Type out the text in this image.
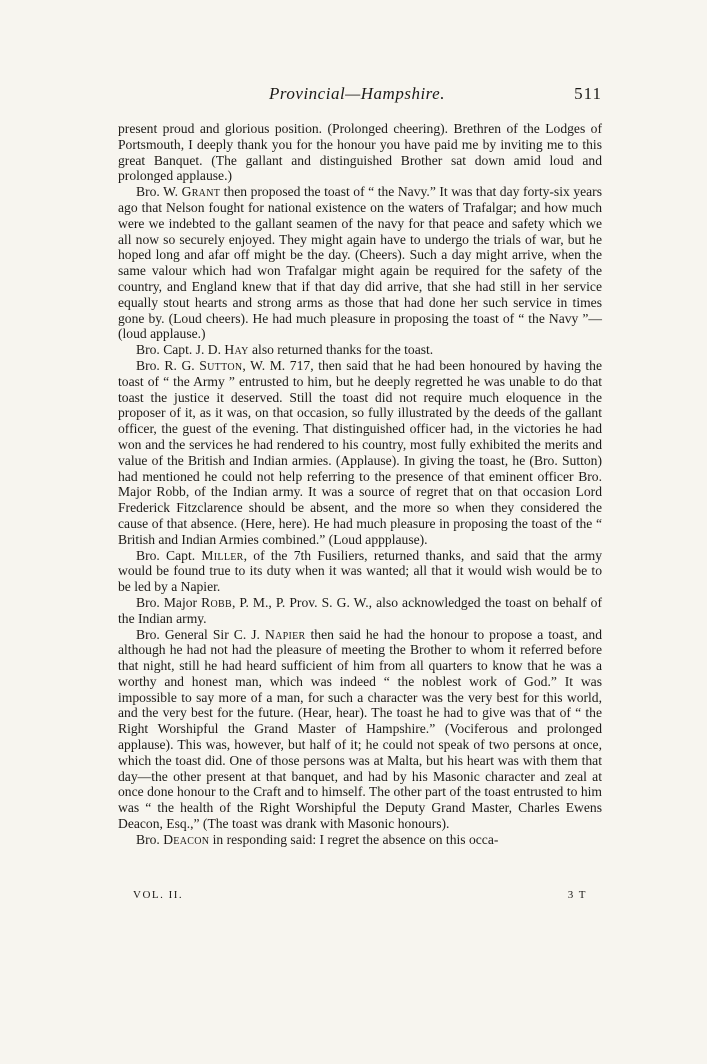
Provincial—Hampshire.	511

present proud and glorious position. (Prolonged cheering). Brethren of the Lodges of Portsmouth, I deeply thank you for the honour you have paid me by inviting me to this great Banquet. (The gallant and distinguished Brother sat down amid loud and prolonged applause.)

Bro. W. Grant then proposed the toast of “ the Navy.” It was that day forty-six years ago that Nelson fought for national existence on the waters of Trafalgar; and how much were we indebted to the gallant seamen of the navy for that peace and safety which we all now so securely enjoyed. They might again have to undergo the trials of war, but he hoped long and afar off might be the day. (Cheers). Such a day might arrive, when the same valour which had won Trafalgar might again be required for the safety of the country, and England knew that if that day did arrive, that she had still in her service equally stout hearts and strong arms as those that had done her such service in times gone by. (Loud cheers). He had much pleasure in proposing the toast of “ the Navy ”—(loud applause.)

Bro. Capt. J. D. Hay also returned thanks for the toast.

Bro. R. G. Sutton, W. M. 717, then said that he had been honoured by having the toast of “ the Army ” entrusted to him, but he deeply regretted he was unable to do that toast the justice it deserved. Still the toast did not require much eloquence in the proposer of it, as it was, on that occasion, so fully illustrated by the deeds of the gallant officer, the guest of the evening. That distinguished officer had, in the victories he had won and the services he had rendered to his country, most fully exhibited the merits and value of the British and Indian armies. (Applause). In giving the toast, he (Bro. Sutton) had mentioned he could not help referring to the presence of that eminent officer Bro. Major Robb, of the Indian army. It was a source of regret that on that occasion Lord Frederick Fitzclarence should be absent, and the more so when they considered the cause of that absence. (Here, here). He had much pleasure in proposing the toast of the “ British and Indian Armies combined.” (Loud appplause).

Bro. Capt. Miller, of the 7th Fusiliers, returned thanks, and said that the army would be found true to its duty when it was wanted; all that it would wish would be to be led by a Napier.

Bro. Major Robb, P. M., P. Prov. S. G. W., also acknowledged the toast on behalf of the Indian army.

Bro. General Sir C. J. Napier then said he had the honour to propose a toast, and although he had not had the pleasure of meeting the Brother to whom it referred before that night, still he had heard sufficient of him from all quarters to know that he was a worthy and honest man, which was indeed “ the noblest work of God.” It was impossible to say more of a man, for such a character was the very best for this world, and the very best for the future. (Hear, hear). The toast he had to give was that of “ the Right Worshipful the Grand Master of Hampshire.” (Vociferous and prolonged applause). This was, however, but half of it; he could not speak of two persons at once, which the toast did. One of those persons was at Malta, but his heart was with them that day—the other present at that banquet, and had by his Masonic character and zeal at once done honour to the Craft and to himself. The other part of the toast entrusted to him was “ the health of the Right Worshipful the Deputy Grand Master, Charles Ewens Deacon, Esq.,” (The toast was drank with Masonic honours).

Bro. Deacon in responding said: I regret the absence on this occa-

VOL. II.	3 T
